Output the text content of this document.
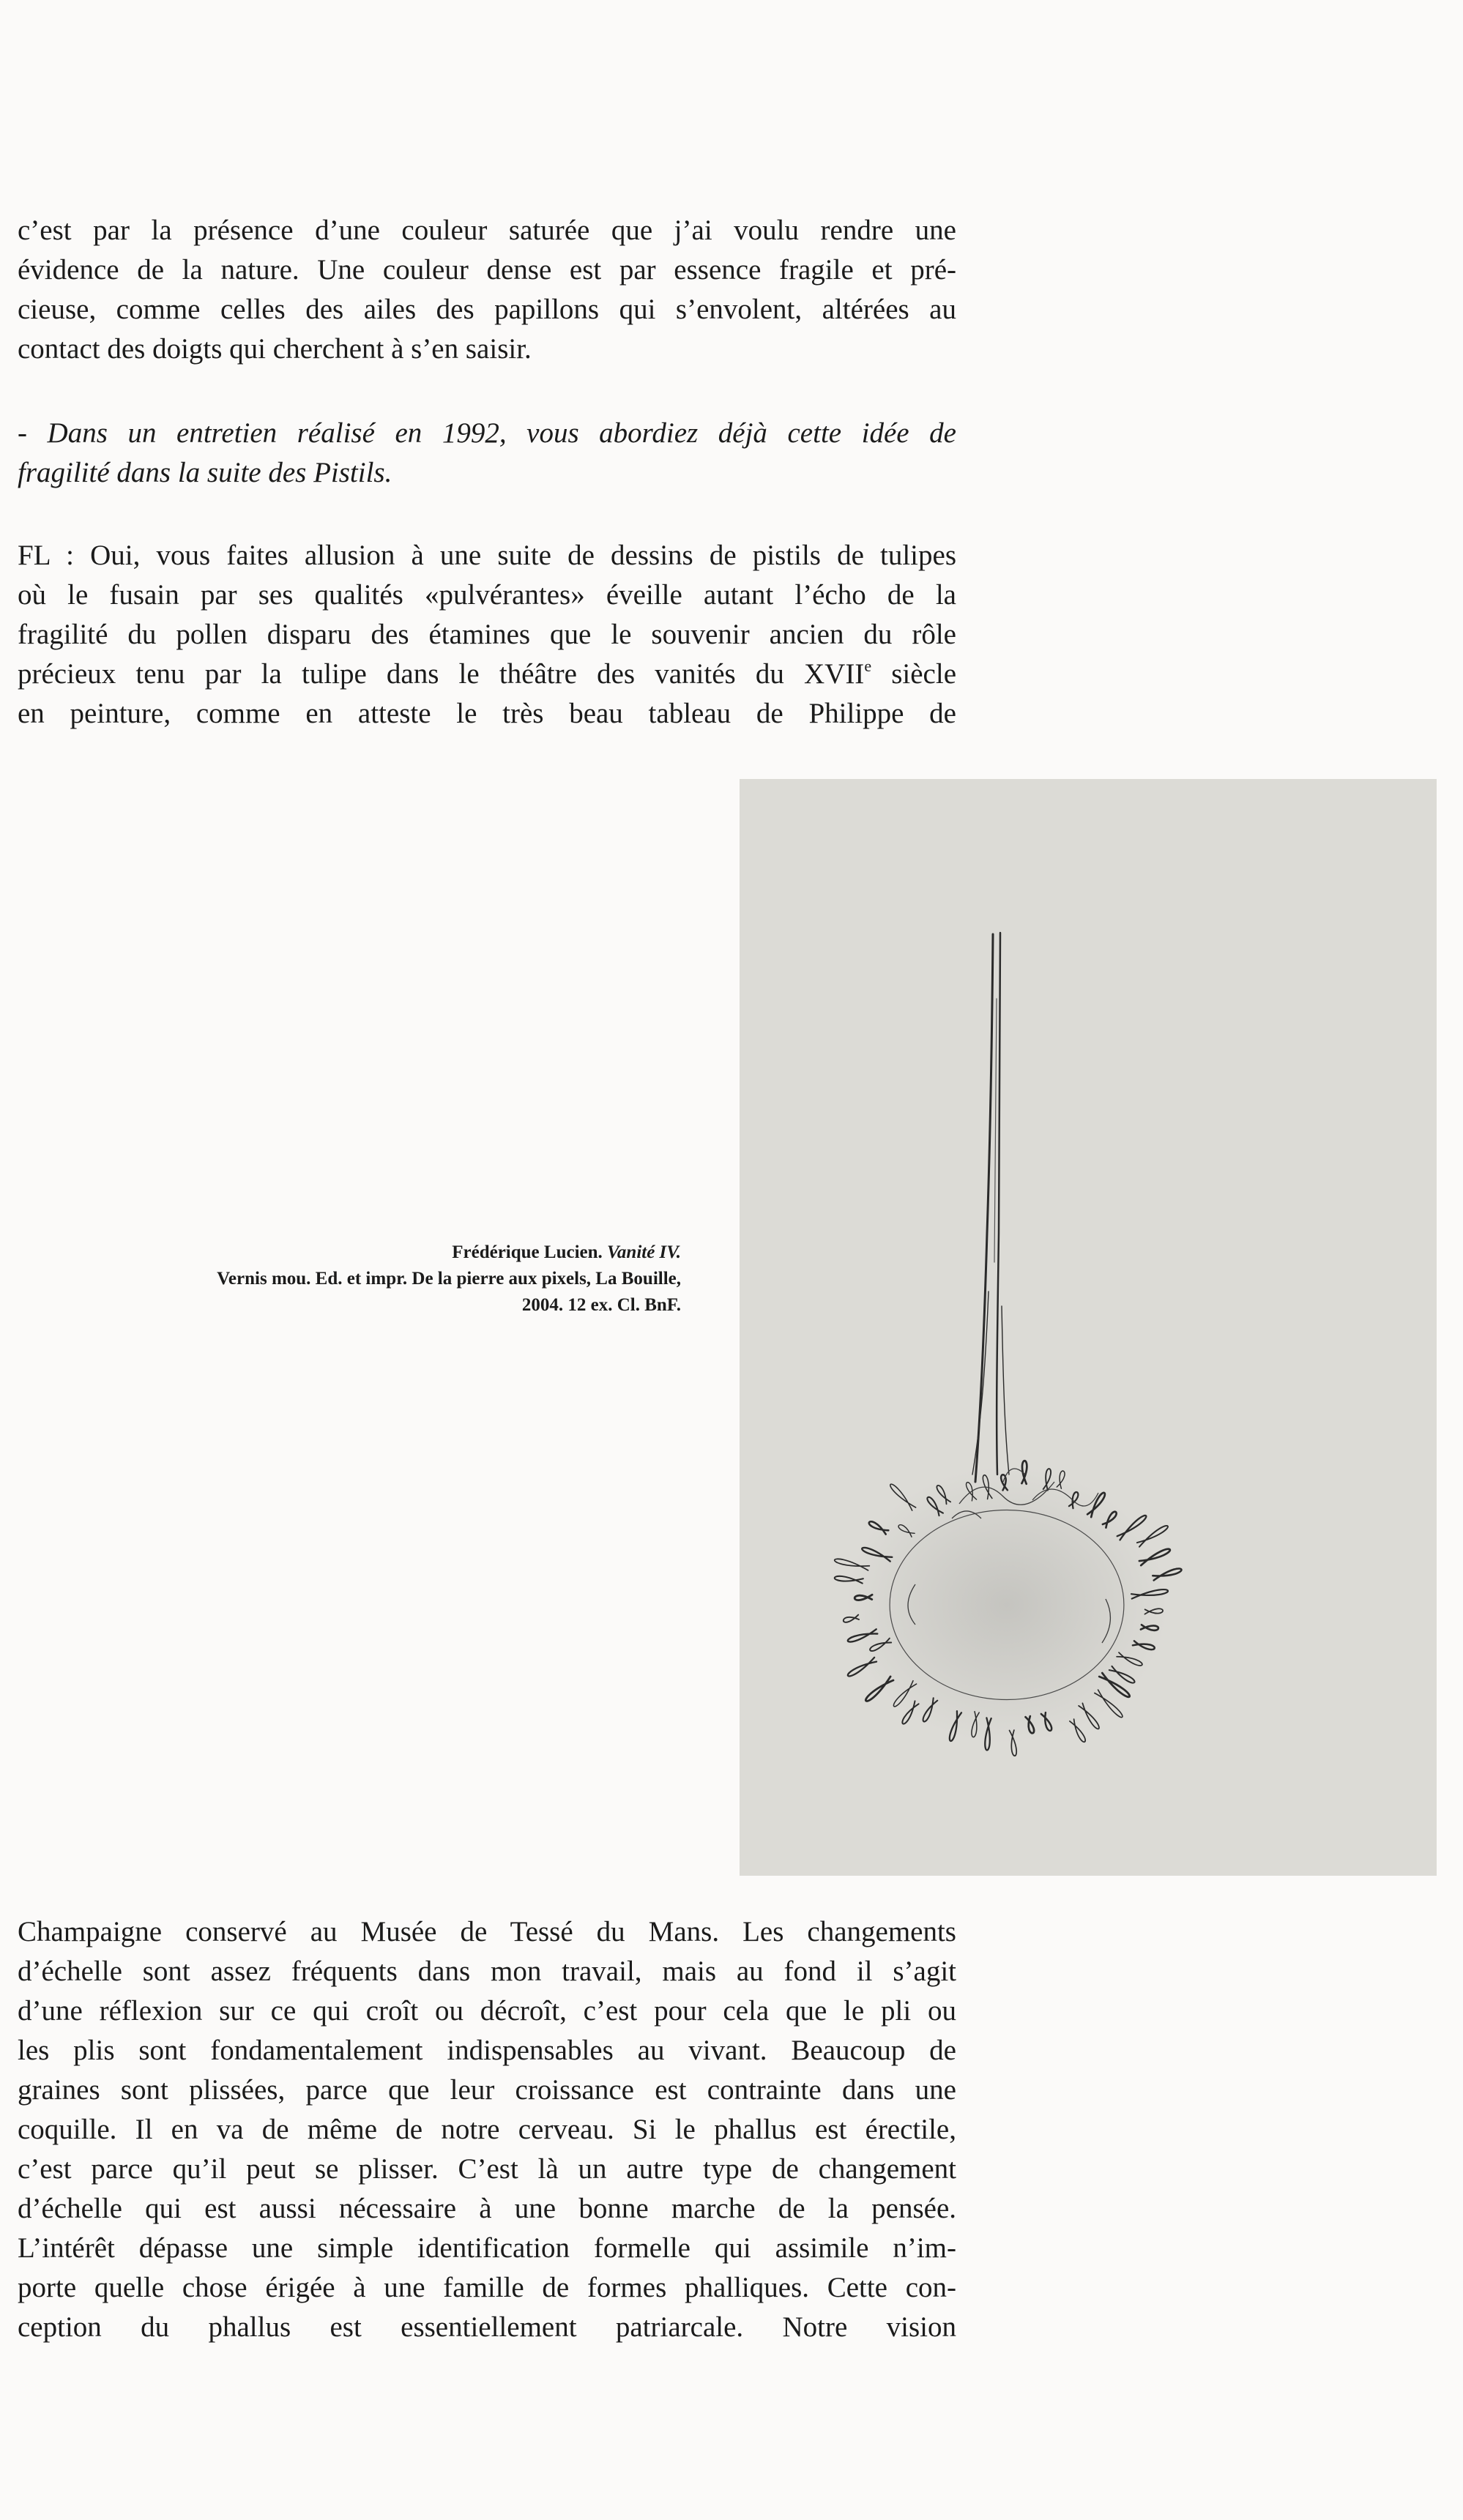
c’est par la présence d’une couleur saturée que j’ai voulu rendre une
évidence de la nature. Une couleur dense est par essence fragile et pré-
cieuse, comme celles des ailes des papillons qui s’envolent, altérées au
contact des doigts qui cherchent à s’en saisir.

- Dans un entretien réalisé en 1992, vous abordiez déjà cette idée de
fragilité dans la suite des Pistils.

FL : Oui, vous faites allusion à une suite de dessins de pistils de tulipes
où le fusain par ses qualités «pulvérantes» éveille autant l’écho de la
fragilité du pollen disparu des étamines que le souvenir ancien du rôle
précieux tenu par la tulipe dans le théâtre des vanités du XVIIe siècle
en peinture, comme en atteste le très beau tableau de Philippe de

Frédérique Lucien. Vanité IV.
Vernis mou. Ed. et impr. De la pierre aux pixels, La Bouille,
2004. 12 ex. Cl. BnF.

Champaigne conservé au Musée de Tessé du Mans. Les changements
d’échelle sont assez fréquents dans mon travail, mais au fond il s’agit
d’une réflexion sur ce qui croît ou décroît, c’est pour cela que le pli ou
les plis sont fondamentalement indispensables au vivant. Beaucoup de
graines sont plissées, parce que leur croissance est contrainte dans une
coquille. Il en va de même de notre cerveau. Si le phallus est érectile,
c’est parce qu’il peut se plisser. C’est là un autre type de changement
d’échelle qui est aussi nécessaire à une bonne marche de la pensée.
L’intérêt dépasse une simple identification formelle qui assimile n’im-
porte quelle chose érigée à une famille de formes phalliques. Cette con-
ception du phallus est essentiellement patriarcale. Notre vision
